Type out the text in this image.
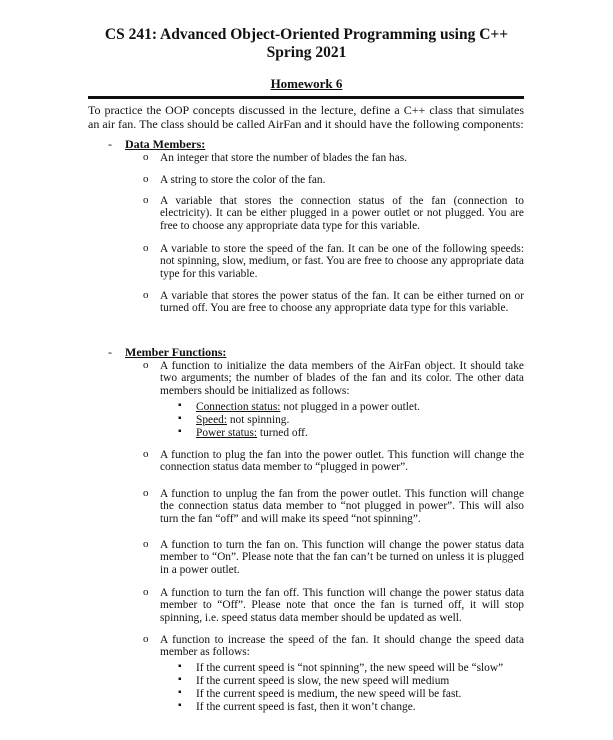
CS 241: Advanced Object-Oriented Programming using C++
Spring 2021
Homework 6
To practice the OOP concepts discussed in the lecture, define a C++ class that simulates an air fan. The class should be called AirFan and it should have the following components:
- Data Members:
o An integer that store the number of blades the fan has.
o A string to store the color of the fan.
o A variable that stores the connection status of the fan (connection to electricity). It can be either plugged in a power outlet or not plugged. You are free to choose any appropriate data type for this variable.
o A variable to store the speed of the fan. It can be one of the following speeds: not spinning, slow, medium, or fast. You are free to choose any appropriate data type for this variable.
o A variable that stores the power status of the fan. It can be either turned on or turned off. You are free to choose any appropriate data type for this variable.
- Member Functions:
o A function to initialize the data members of the AirFan object. It should take two arguments; the number of blades of the fan and its color. The other data members should be initialized as follows:
▪ Connection status: not plugged in a power outlet.
▪ Speed: not spinning.
▪ Power status: turned off.
o A function to plug the fan into the power outlet. This function will change the connection status data member to “plugged in power”.
o A function to unplug the fan from the power outlet. This function will change the connection status data member to “not plugged in power”. This will also turn the fan “off” and will make its speed “not spinning”.
o A function to turn the fan on. This function will change the power status data member to “On”. Please note that the fan can’t be turned on unless it is plugged in a power outlet.
o A function to turn the fan off. This function will change the power status data member to “Off”. Please note that once the fan is turned off, it will stop spinning, i.e. speed status data member should be updated as well.
o A function to increase the speed of the fan. It should change the speed data member as follows:
▪ If the current speed is “not spinning”, the new speed will be “slow”
▪ If the current speed is slow, the new speed will medium
▪ If the current speed is medium, the new speed will be fast.
▪ If the current speed is fast, then it won’t change.
